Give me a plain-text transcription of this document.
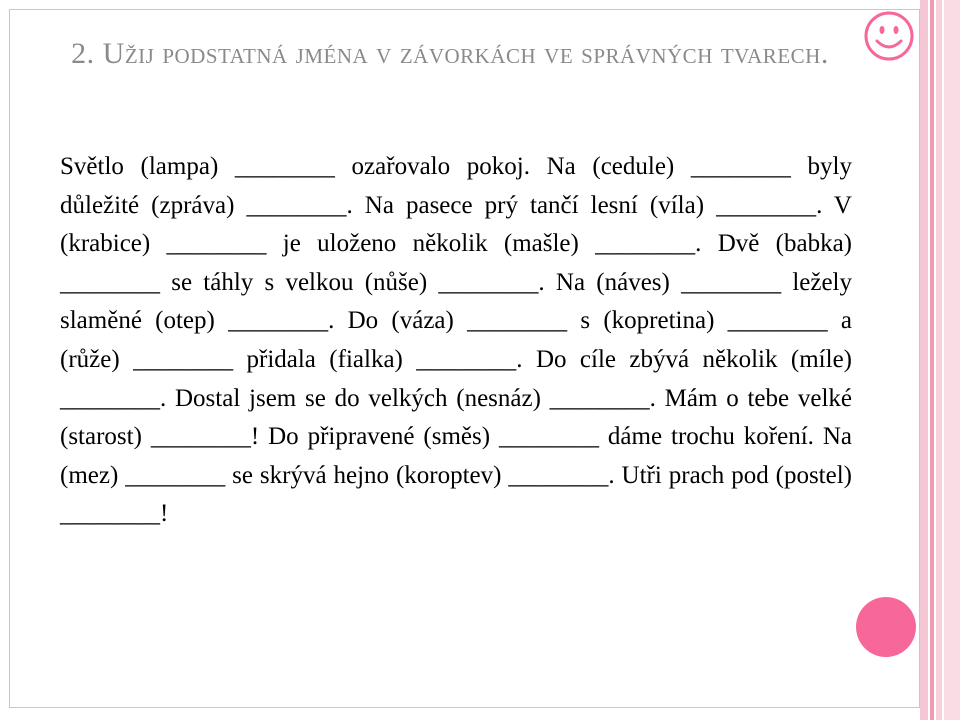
2. Užij podstatná jména v závorkách ve správných tvarech.
Světlo (lampa) ________ ozařovalo pokoj. Na (cedule) ________ byly důležité (zpráva) ________. Na pasece prý tančí lesní (víla) ________. V (krabice) ________ je uloženo několik (mašle) ________. Dvě (babka) ________ se táhly s velkou (nůše) ________. Na (náves) ________ ležely slaměné (otep) ________. Do (váza) ________ s (kopretina) ________ a (růže) ________ přidala (fialka) ________. Do cíle zbývá několik (míle) ________. Dostal jsem se do velkých (nesnáz) ________. Mám o tebe velké (starost) ________! Do připravené (směs) ________ dáme trochu koření. Na (mez) ________ se skrývá hejno (koroptev) ________. Utři prach pod (postel) ________!
